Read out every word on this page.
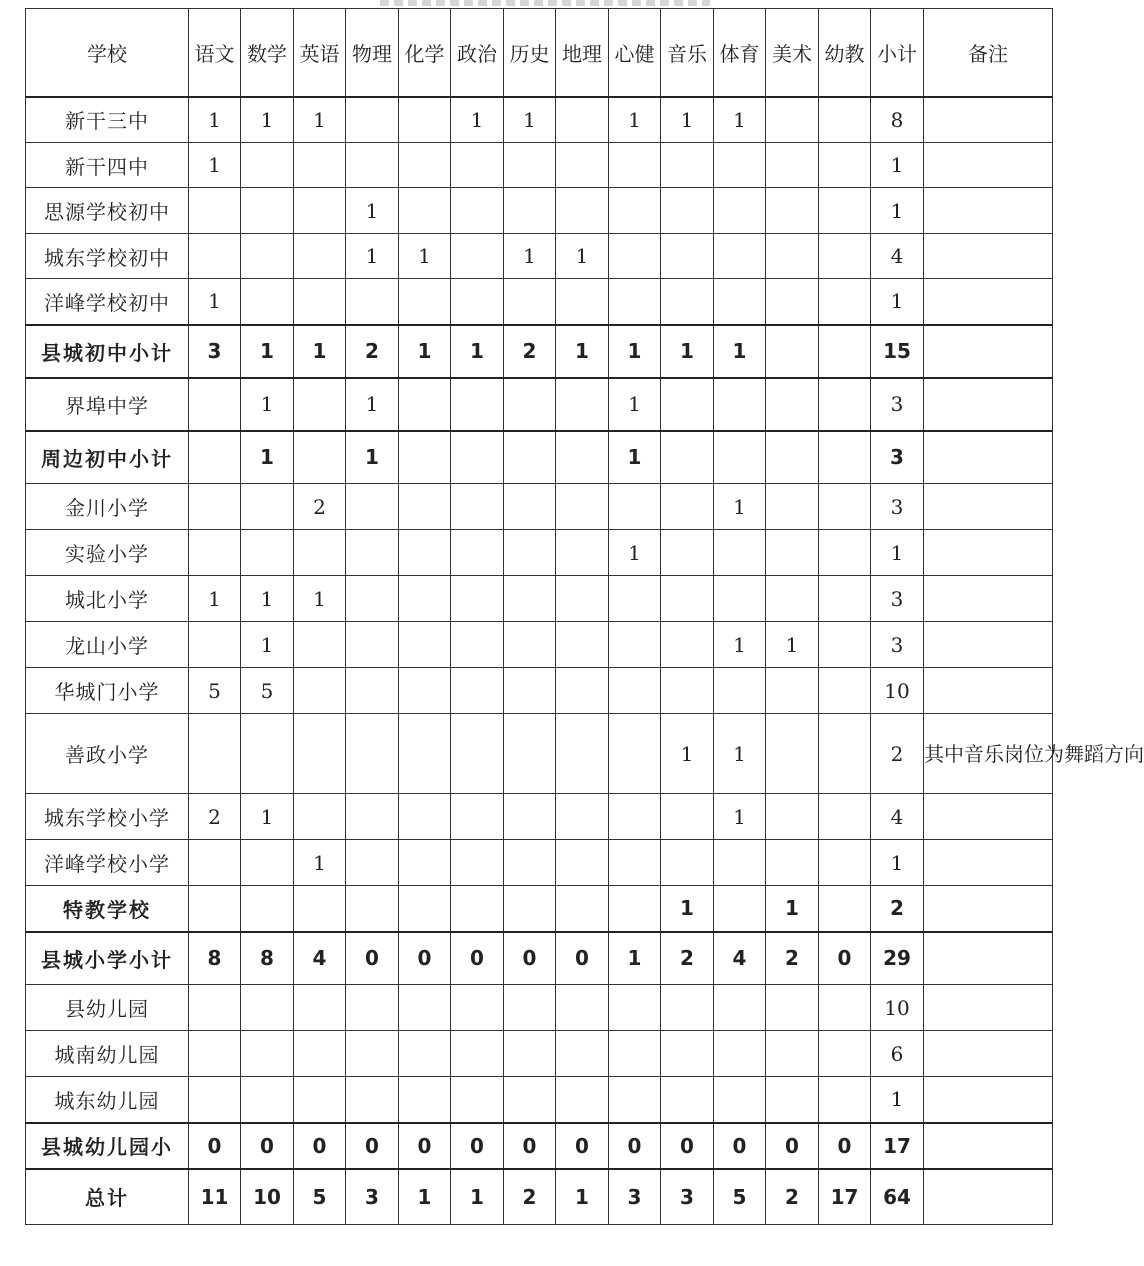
学校	语文	数学	英语	物理	化学	政治	历史	地理	心健	音乐	体育	美术	幼教	小计	备注
新干三中	1	1	1			1	1		1	1	1			8	
新干四中	1													1	
思源学校初中				1										1	
城东学校初中				1	1		1	1						4	
洋峰学校初中	1													1	
县城初中小计	3	1	1	2	1	1	2	1	1	1	1			15	
界埠中学		1		1					1					3	
周边初中小计		1		1					1					3	
金川小学			2								1			3	
实验小学									1					1	
城北小学	1	1	1											3	
龙山小学		1									1	1		3	
华城门小学	5	5												10	
善政小学										1	1			2	其中音乐岗位为舞蹈方向
城东学校小学	2	1									1			4	
洋峰学校小学			1											1	
特教学校										1		1		2	
县城小学小计	8	8	4	0	0	0	0	0	1	2	4	2	0	29	
县幼儿园														10	
城南幼儿园														6	
城东幼儿园														1	
县城幼儿园小	0	0	0	0	0	0	0	0	0	0	0	0	0	17	
总计	11	10	5	3	1	1	2	1	3	3	5	2	17	64	
